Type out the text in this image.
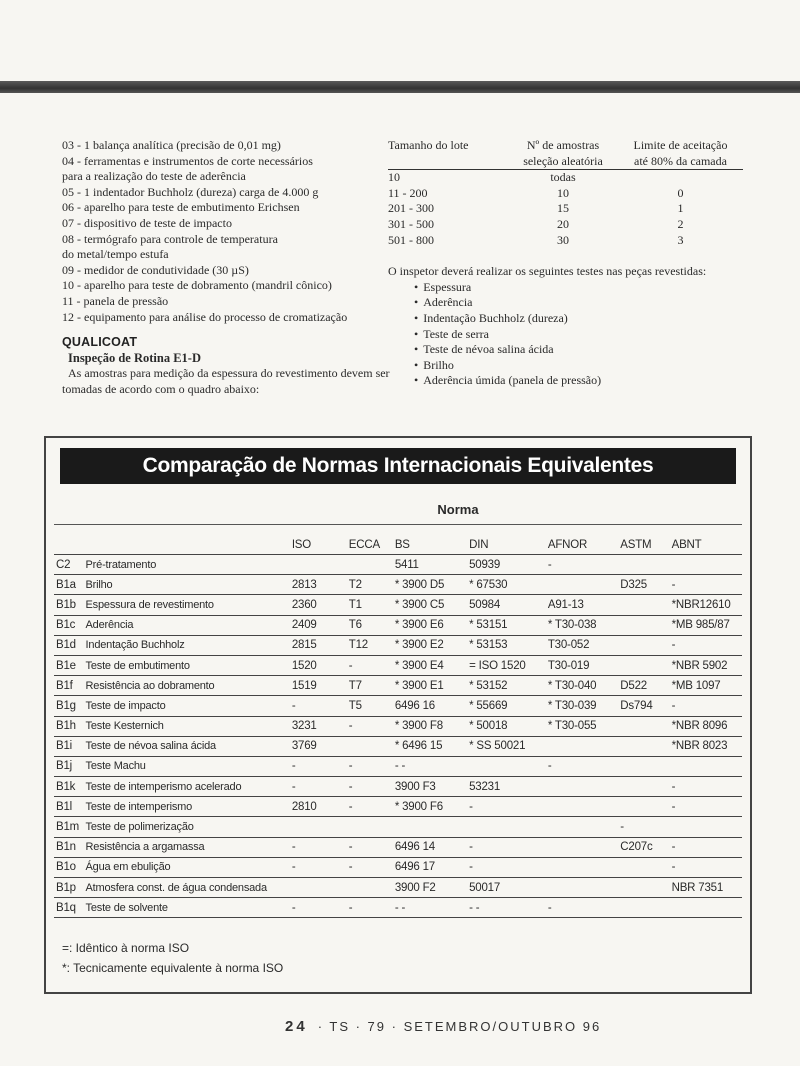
03 - 1 balança analítica (precisão de 0,01 mg)
04 - ferramentas e instrumentos de corte necessários
para a realização do teste de aderência
05 - 1 indentador Buchholz (dureza) carga de 4.000 g
06 - aparelho para teste de embutimento Erichsen
07 - dispositivo de teste de impacto
08 - termógrafo para controle de temperatura
do metal/tempo estufa
09 - medidor de condutividade (30 µS)
10 - aparelho para teste de dobramento (mandril cônico)
11 - panela de pressão
12 - equipamento para análise do processo de cromatização
QUALICOAT
Inspeção de Rotina E1-D
As amostras para medição da espessura do revestimento devem ser tomadas de acordo com o quadro abaixo:
Tamanho do lote	Nº de amostras	Limite de aceitação
	seleção aleatória	até 80% da camada
10	todas	
11 - 200	10	0
201 - 300	15	1
301 - 500	20	2
501 - 800	30	3
O inspetor deverá realizar os seguintes testes nas peças revestidas:
• Espessura
• Aderência
• Indentação Buchholz (dureza)
• Teste de serra
• Teste de névoa salina ácida
• Brilho
• Aderência úmida (panela de pressão)
Comparação de Normas Internacionais Equivalentes
Norma
		ISO	ECCA	BS	DIN	AFNOR	ASTM	ABNT
C2	Pré-tratamento			5411	50939	-		
B1a	Brilho	2813	T2	* 3900 D5	* 67530		D325	-
B1b	Espessura de revestimento	2360	T1	* 3900 C5	50984	A91-13		*NBR12610
B1c	Aderência	2409	T6	* 3900 E6	* 53151	* T30-038		*MB 985/87
B1d	Indentação Buchholz	2815	T12	* 3900 E2	* 53153	T30-052		-
B1e	Teste de embutimento	1520	-	* 3900 E4	= ISO 1520	T30-019		*NBR 5902
B1f	Resistência ao dobramento	1519	T7	* 3900 E1	* 53152	* T30-040	D522	*MB 1097
B1g	Teste de impacto	-	T5	6496 16	* 55669	* T30-039	Ds794	-
B1h	Teste Kesternich	3231	-	* 3900 F8	* 50018	* T30-055		*NBR 8096
B1i	Teste de névoa salina ácida	3769		* 6496 15	* SS 50021			*NBR 8023
B1j	Teste Machu	-	-	- -		-		
B1k	Teste de intemperismo acelerado	-	-	3900 F3	53231			-
B1l	Teste de intemperismo	2810	-	* 3900 F6	-			-
B1m	Teste de polimerização						-	
B1n	Resistência a argamassa	-	-	6496 14	-		C207c	-
B1o	Água em ebulição	-	-	6496 17	-			-
B1p	Atmosfera const. de água condensada			3900 F2	50017			NBR 7351
B1q	Teste de solvente	-	-	- -	- -	-		
=: Idêntico à norma ISO
*: Tecnicamente equivalente à norma ISO
24 · TS · 79 · SETEMBRO/OUTUBRO 96
